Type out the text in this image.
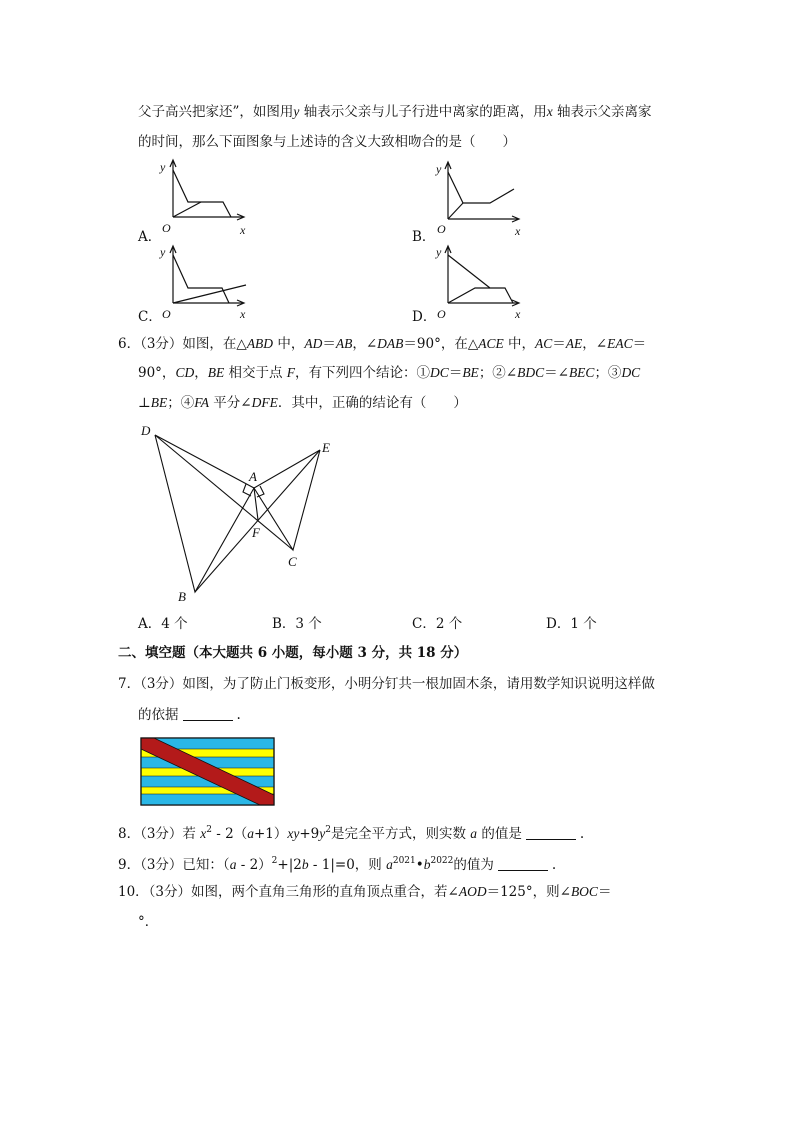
父子高兴把家还”，如图用y 轴表示父亲与儿子行进中离家的距离，用x 轴表示父亲离家
的时间，那么下面图象与上述诗的含义大致相吻合的是（　　）
y
O	x
y
O	x
y
O	x
y
O	x
A．	B．
C．	D．
6．（3分）如图，在△ABD 中，AD＝AB，∠DAB＝90°，在△ACE 中，AC＝AE，∠EAC＝
90°，CD，BE 相交于点 F，有下列四个结论：①DC＝BE；②∠BDC＝∠BEC；③DC
⊥BE；④FA 平分∠DFE．其中，正确的结论有（　　）
D
E
A
F
C
B
A．4 个	B．3 个	C．2 个	D．1 个
二、填空题（本大题共 6 小题，每小题 3 分，共 18 分）
7．（3分）如图，为了防止门板变形，小明分钉共一根加固木条，请用数学知识说明这样做
的依据	.
8．（3分）若 $x^2 - 2(a+1)xy+9y^2$是完全平方式，则实数 a 的值是	.
9．（3分）已知：（a - 2）$^2$+|2b - 1|=0，则 $a^{2021}•b^{2022}$的值为	.
10．（3分）如图，两个直角三角形的直角顶点重合，若∠AOD＝125°，则∠BOC＝
°．
